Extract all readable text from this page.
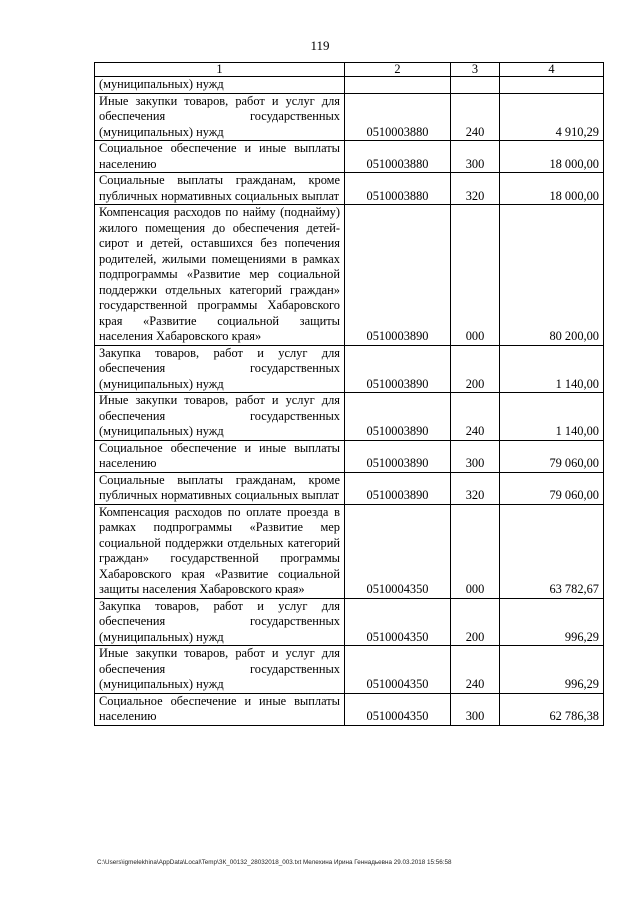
119
1	2	3	4
(муниципальных) нужд			
Иные закупки товаров, работ и услуг для обеспечения государственных (муниципальных) нужд	0510003880	240	4 910,29
Социальное обеспечение и иные выплаты населению	0510003880	300	18 000,00
Социальные выплаты гражданам, кроме публичных нормативных социальных выплат	0510003880	320	18 000,00
Компенсация расходов по найму (поднайму) жилого помещения до обеспечения детей-сирот и детей, оставшихся без попечения родителей, жилыми помещениями в рамках подпрограммы «Развитие мер социальной поддержки отдельных категорий граждан» государственной программы Хабаровского края «Развитие социальной защиты населения Хабаровского края»	0510003890	000	80 200,00
Закупка товаров, работ и услуг для обеспечения государственных (муниципальных) нужд	0510003890	200	1 140,00
Иные закупки товаров, работ и услуг для обеспечения государственных (муниципальных) нужд	0510003890	240	1 140,00
Социальное обеспечение и иные выплаты населению	0510003890	300	79 060,00
Социальные выплаты гражданам, кроме публичных нормативных социальных выплат	0510003890	320	79 060,00
Компенсация расходов по оплате проезда в рамках подпрограммы «Развитие мер социальной поддержки отдельных категорий граждан» государственной программы Хабаровского края «Развитие социальной защиты населения Хабаровского края»	0510004350	000	63 782,67
Закупка товаров, работ и услуг для обеспечения государственных (муниципальных) нужд	0510004350	200	996,29
Иные закупки товаров, работ и услуг для обеспечения государственных (муниципальных) нужд	0510004350	240	996,29
Социальное обеспечение и иные выплаты населению	0510004350	300	62 786,38
C:\Users\igmelekhina\AppData\Local\Temp\ЗК_00132_28032018_003.txt Мелехина Ирина Геннадьевна 29.03.2018 15:56:58
